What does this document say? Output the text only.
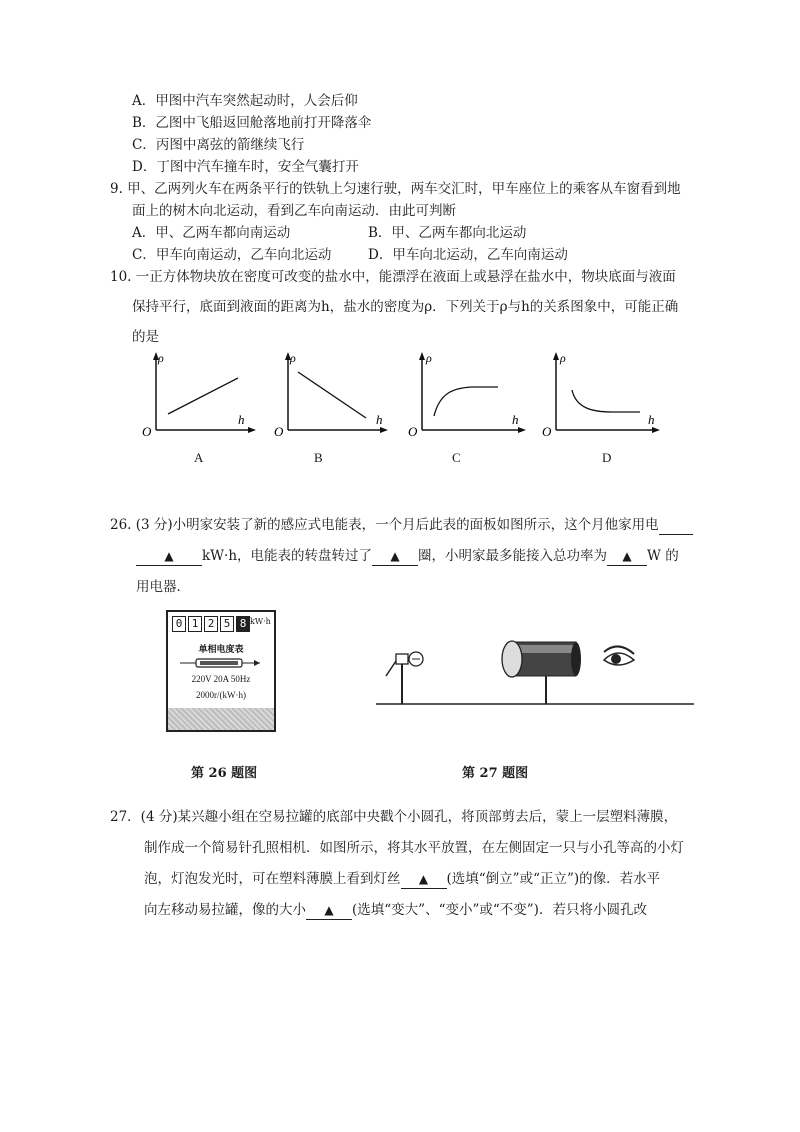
A．甲图中汽车突然起动时，人会后仰
B．乙图中飞船返回舱落地前打开降落伞
C．丙图中离弦的箭继续飞行
D．丁图中汽车撞车时，安全气囊打开
9. 甲、乙两列火车在两条平行的铁轨上匀速行驶，两车交汇时，甲车座位上的乘客从车窗看到地
面上的树木向北运动，看到乙车向南运动．由此可判断
A．甲、乙两车都向南运动	B．甲、乙两车都向北运动
C．甲车向南运动，乙车向北运动	D．甲车向北运动，乙车向南运动
10. 一正方体物块放在密度可改变的盐水中，能漂浮在液面上或悬浮在盐水中，物块底面与液面
保持平行，底面到液面的距离为h，盐水的密度为ρ．下列关于ρ与h的关系图象中，可能正确
的是
ρ
h
O
A
ρ
h
O
B
ρ
h
O
C
ρ
h
O
D
26. (3 分)小明家安装了新的感应式电能表，一个月后此表的面板如图所示，这个月他家用电
▲ kW·h，电能表的转盘转过了 ▲ 圈，小明家最多能接入总功率为 ▲ W 的
用电器．
0 1 2 5 8 kW·h
单相电度表
220V 20A 50Hz
2000r/(kW·h)
第 26 题图	第 27 题图
27．(4 分)某兴趣小组在空易拉罐的底部中央戳个小圆孔，将顶部剪去后，蒙上一层塑料薄膜，
制作成一个简易针孔照相机．如图所示，将其水平放置，在左侧固定一只与小孔等高的小灯
泡，灯泡发光时，可在塑料薄膜上看到灯丝 ▲ (选填“倒立”或“正立”)的像．若水平
向左移动易拉罐，像的大小 ▲ (选填“变大”、“变小”或“不变”)．若只将小圆孔改
